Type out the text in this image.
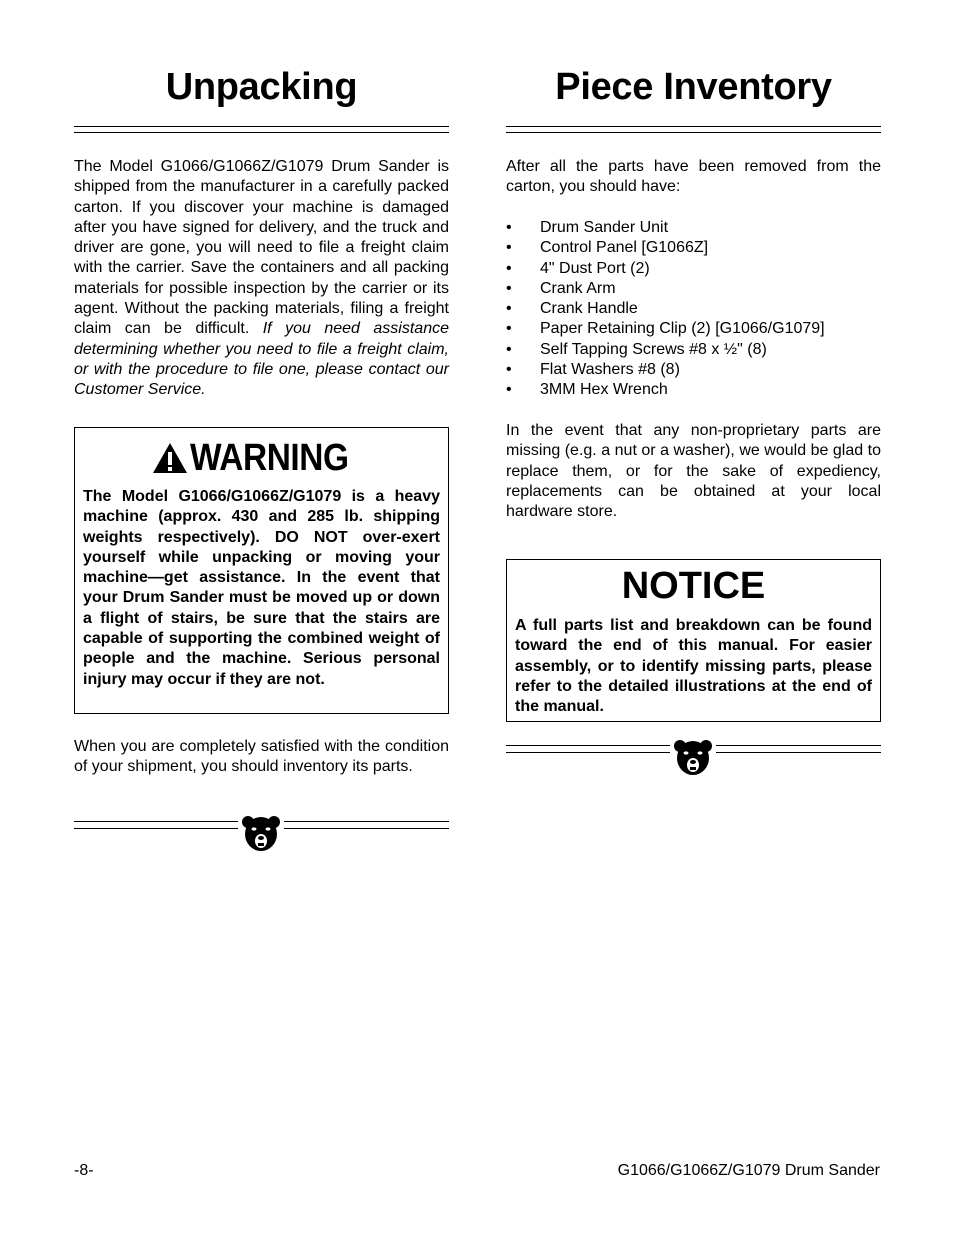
Unpacking

The Model G1066/G1066Z/G1079 Drum Sander is shipped from the manufacturer in a carefully packed carton. If you discover your machine is damaged after you have signed for delivery, and the truck and driver are gone, you will need to file a freight claim with the carrier. Save the containers and all packing materials for possible inspection by the carrier or its agent. Without the packing materials, filing a freight claim can be difficult. If you need assistance determining whether you need to file a freight claim, or with the procedure to file one, please contact our Customer Service.

WARNING

The Model G1066/G1066Z/G1079 is a heavy machine (approx. 430 and 285 lb. shipping weights respectively). DO NOT over-exert yourself while unpacking or moving your machine—get assistance. In the event that your Drum Sander must be moved up or down a flight of stairs, be sure that the stairs are capable of supporting the combined weight of people and the machine. Serious personal injury may occur if they are not.

When you are completely satisfied with the condition of your shipment, you should inventory its parts.

Piece Inventory

After all the parts have been removed from the carton, you should have:

• Drum Sander Unit
• Control Panel [G1066Z]
• 4" Dust Port (2)
• Crank Arm
• Crank Handle
• Paper Retaining Clip (2) [G1066/G1079]
• Self Tapping Screws #8 x ½" (8)
• Flat Washers #8 (8)
• 3MM Hex Wrench

In the event that any non-proprietary parts are missing (e.g. a nut or a washer), we would be glad to replace them, or for the sake of expediency, replacements can be obtained at your local hardware store.

NOTICE

A full parts list and breakdown can be found toward the end of this manual. For easier assembly, or to identify missing parts, please refer to the detailed illustrations at the end of the manual.

-8-	G1066/G1066Z/G1079 Drum Sander
